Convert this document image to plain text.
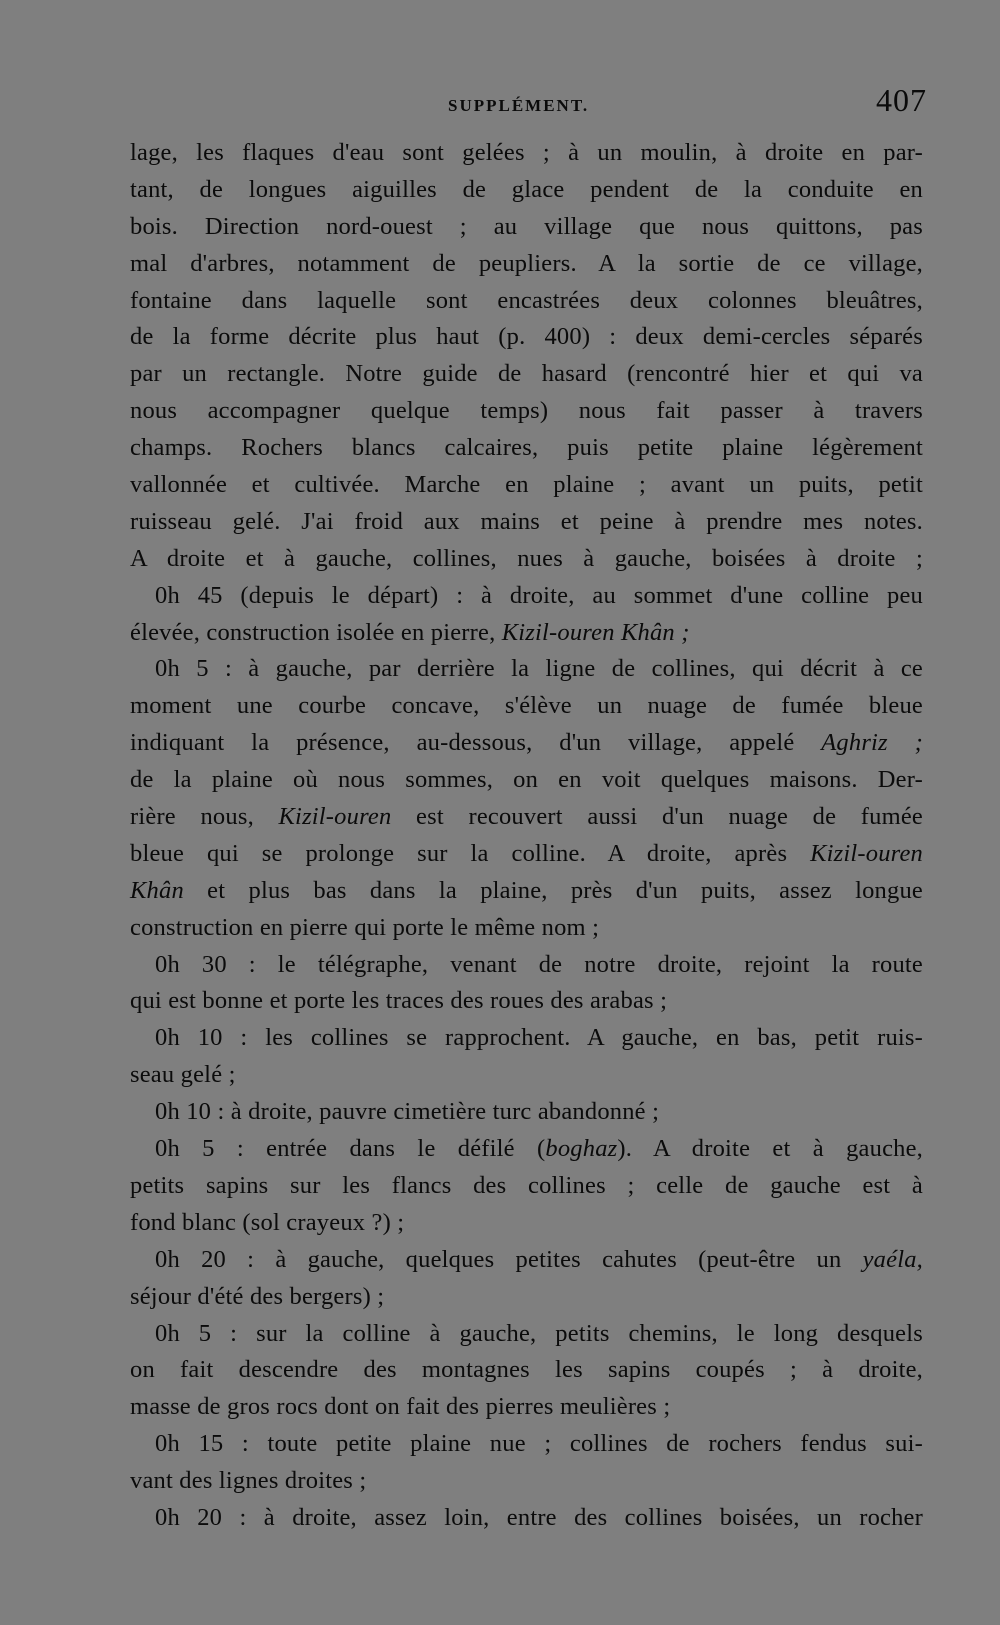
SUPPLÉMENT.	407
lage, les flaques d'eau sont gelées ; à un moulin, à droite en par-
tant, de longues aiguilles de glace pendent de la conduite en
bois. Direction nord-ouest ; au village que nous quittons, pas
mal d'arbres, notamment de peupliers. A la sortie de ce village,
fontaine dans laquelle sont encastrées deux colonnes bleuâtres,
de la forme décrite plus haut (p. 400) : deux demi-cercles séparés
par un rectangle. Notre guide de hasard (rencontré hier et qui va
nous accompagner quelque temps) nous fait passer à travers
champs. Rochers blancs calcaires, puis petite plaine légèrement
vallonnée et cultivée. Marche en plaine ; avant un puits, petit
ruisseau gelé. J'ai froid aux mains et peine à prendre mes notes.
A droite et à gauche, collines, nues à gauche, boisées à droite ;
0h 45 (depuis le départ) : à droite, au sommet d'une colline peu
élevée, construction isolée en pierre, Kizil-ouren Khân ;
0h 5 : à gauche, par derrière la ligne de collines, qui décrit à ce
moment une courbe concave, s'élève un nuage de fumée bleue
indiquant la présence, au-dessous, d'un village, appelé Aghriz ;
de la plaine où nous sommes, on en voit quelques maisons. Der-
rière nous, Kizil-ouren est recouvert aussi d'un nuage de fumée
bleue qui se prolonge sur la colline. A droite, après Kizil-ouren
Khân et plus bas dans la plaine, près d'un puits, assez longue
construction en pierre qui porte le même nom ;
0h 30 : le télégraphe, venant de notre droite, rejoint la route
qui est bonne et porte les traces des roues des arabas ;
0h 10 : les collines se rapprochent. A gauche, en bas, petit ruis-
seau gelé ;
0h 10 : à droite, pauvre cimetière turc abandonné ;
0h 5 : entrée dans le défilé (boghaz). A droite et à gauche,
petits sapins sur les flancs des collines ; celle de gauche est à
fond blanc (sol crayeux ?) ;
0h 20 : à gauche, quelques petites cahutes (peut-être un yaéla,
séjour d'été des bergers) ;
0h 5 : sur la colline à gauche, petits chemins, le long desquels
on fait descendre des montagnes les sapins coupés ; à droite,
masse de gros rocs dont on fait des pierres meulières ;
0h 15 : toute petite plaine nue ; collines de rochers fendus sui-
vant des lignes droites ;
0h 20 : à droite, assez loin, entre des collines boisées, un rocher
